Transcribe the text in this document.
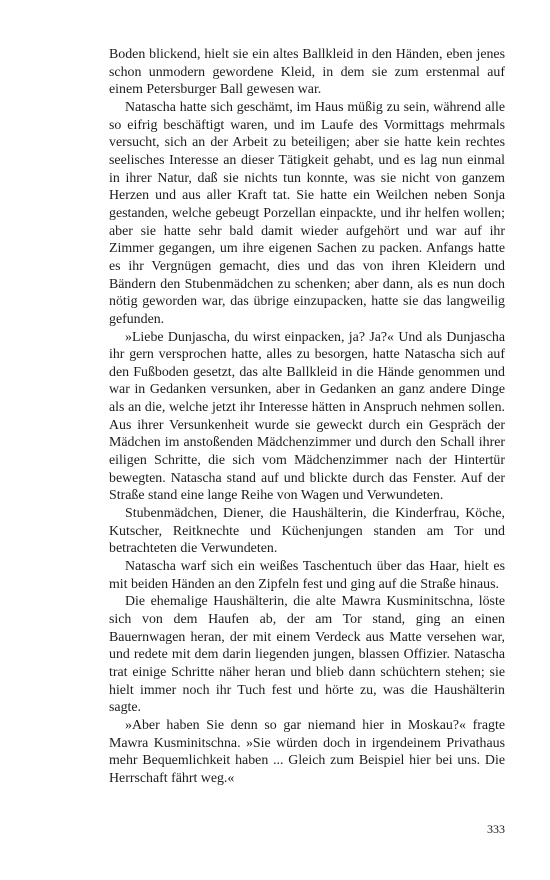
Boden blickend, hielt sie ein altes Ballkleid in den Händen, eben jenes schon unmodern gewordene Kleid, in dem sie zum erstenmal auf einem Petersburger Ball gewesen war.

Natascha hatte sich geschämt, im Haus müßig zu sein, während alle so eifrig beschäftigt waren, und im Laufe des Vormittags mehrmals versucht, sich an der Arbeit zu beteiligen; aber sie hatte kein rechtes seelisches Interesse an dieser Tätigkeit gehabt, und es lag nun einmal in ihrer Natur, daß sie nichts tun konnte, was sie nicht von ganzem Herzen und aus aller Kraft tat. Sie hatte ein Weilchen neben Sonja gestanden, welche gebeugt Porzellan einpackte, und ihr helfen wollen; aber sie hatte sehr bald damit wieder aufgehört und war auf ihr Zimmer gegangen, um ihre eigenen Sachen zu packen. Anfangs hatte es ihr Vergnügen gemacht, dies und das von ihren Kleidern und Bändern den Stubenmädchen zu schenken; aber dann, als es nun doch nötig geworden war, das übrige einzupacken, hatte sie das langweilig gefunden.

»Liebe Dunjascha, du wirst einpacken, ja? Ja?« Und als Dunjascha ihr gern versprochen hatte, alles zu besorgen, hatte Natascha sich auf den Fußboden gesetzt, das alte Ballkleid in die Hände genommen und war in Gedanken versunken, aber in Gedanken an ganz andere Dinge als an die, welche jetzt ihr Interesse hätten in Anspruch nehmen sollen. Aus ihrer Versunkenheit wurde sie geweckt durch ein Gespräch der Mädchen im anstoßenden Mädchenzimmer und durch den Schall ihrer eiligen Schritte, die sich vom Mädchenzimmer nach der Hintertür bewegten. Natascha stand auf und blickte durch das Fenster. Auf der Straße stand eine lange Reihe von Wagen und Verwundeten.

Stubenmädchen, Diener, die Haushälterin, die Kinderfrau, Köche, Kutscher, Reitknechte und Küchenjungen standen am Tor und betrachteten die Verwundeten.

Natascha warf sich ein weißes Taschentuch über das Haar, hielt es mit beiden Händen an den Zipfeln fest und ging auf die Straße hinaus.

Die ehemalige Haushälterin, die alte Mawra Kusminitschna, löste sich von dem Haufen ab, der am Tor stand, ging an einen Bauernwagen heran, der mit einem Verdeck aus Matte versehen war, und redete mit dem darin liegenden jungen, blassen Offizier. Natascha trat einige Schritte näher heran und blieb dann schüchtern stehen; sie hielt immer noch ihr Tuch fest und hörte zu, was die Haushälterin sagte.

»Aber haben Sie denn so gar niemand hier in Moskau?« fragte Mawra Kusminitschna. »Sie würden doch in irgendeinem Privathaus mehr Bequemlichkeit haben ... Gleich zum Beispiel hier bei uns. Die Herrschaft fährt weg.«

333
